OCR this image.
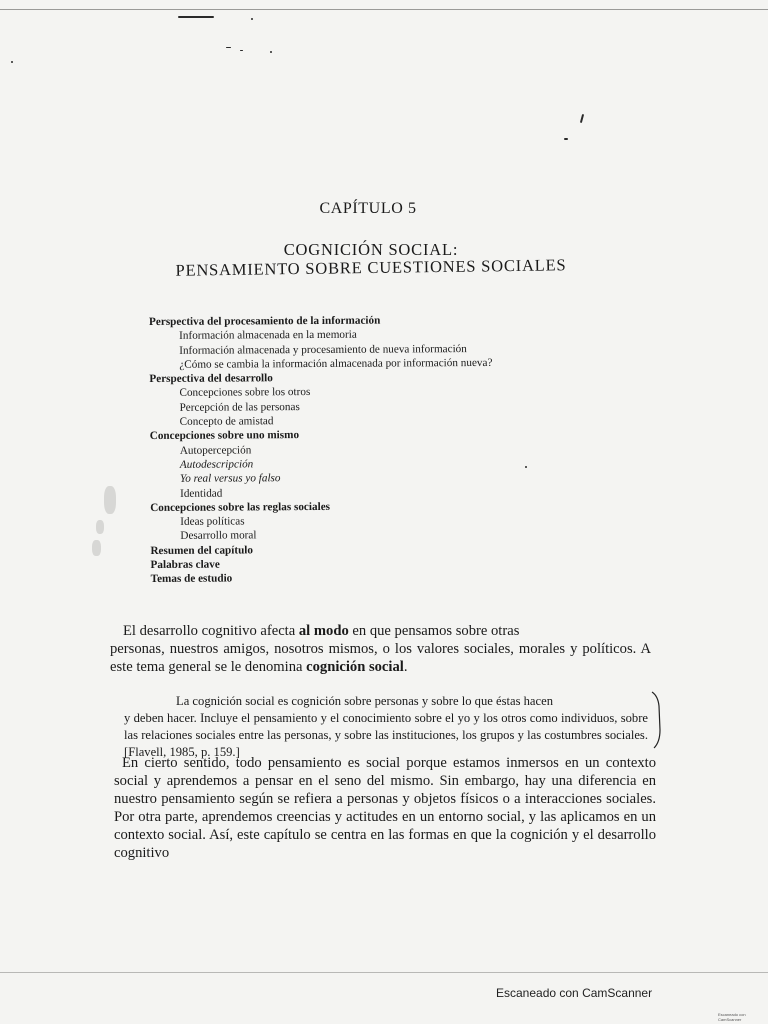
CAPÍTULO 5
COGNICIÓN SOCIAL:
PENSAMIENTO SOBRE CUESTIONES SOCIALES
Perspectiva del procesamiento de la información
Información almacenada en la memoria
Información almacenada y procesamiento de nueva información
¿Cómo se cambia la información almacenada por información nueva?
Perspectiva del desarrollo
Concepciones sobre los otros
Percepción de las personas
Concepto de amistad
Concepciones sobre uno mismo
Autopercepción
Autodescripción
Yo real versus yo falso
Identidad
Concepciones sobre las reglas sociales
Ideas políticas
Desarrollo moral
Resumen del capítulo
Palabras clave
Temas de estudio
El desarrollo cognitivo afecta al modo en que pensamos sobre otras
personas, nuestros amigos, nosotros mismos, o los valores sociales, morales y políticos. A este tema general se le denomina cognición social.
La cognición social es cognición sobre personas y sobre lo que éstas hacen
y deben hacer. Incluye el pensamiento y el conocimiento sobre el yo y los otros como individuos, sobre las relaciones sociales entre las personas, y sobre las instituciones, los grupos y las costumbres sociales. [Flavell, 1985, p. 159.]
En cierto sentido, todo pensamiento es social porque estamos inmersos en un contexto social y aprendemos a pensar en el seno del mismo. Sin embargo, hay una diferencia en nuestro pensamiento según se refiera a personas y objetos físicos o a interacciones sociales. Por otra parte, aprendemos creencias y actitudes en un entorno social, y las aplicamos en un contexto social. Así, este capítulo se centra en las formas en que la cognición y el desarrollo cognitivo
Escaneado con CamScanner
Escaneado con CamScanner
